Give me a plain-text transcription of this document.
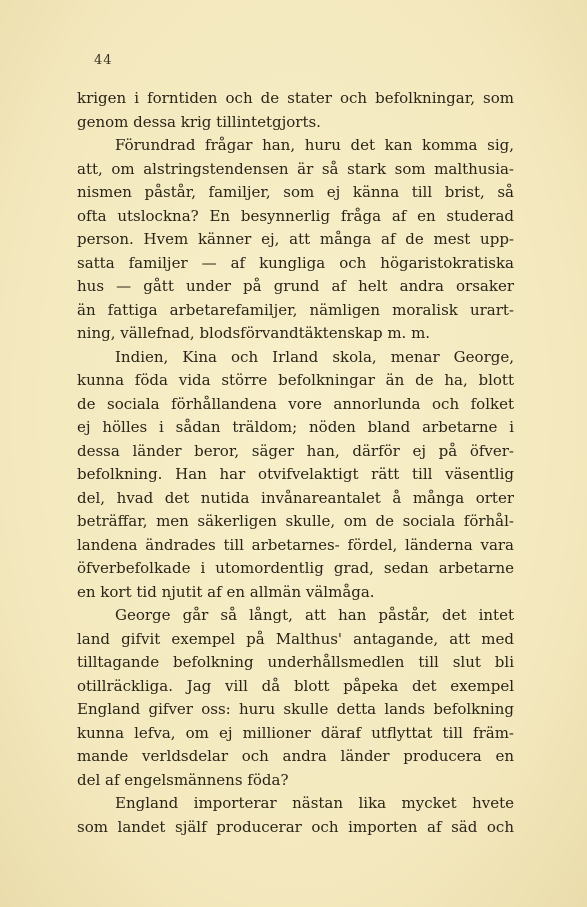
44
krigen i forntiden och de stater och befolkningar, som
genom dessa krig tillintetgjorts.
Förundrad frågar han, huru det kan komma sig,
att, om alstringstendensen är så stark som malthusia-
nismen påstår, familjer, som ej känna till brist, så
ofta utslockna? En besynnerlig fråga af en studerad
person. Hvem känner ej, att många af de mest upp-
satta familjer — af kungliga och högaristokratiska
hus — gått under på grund af helt andra orsaker
än fattiga arbetarefamiljer, nämligen moralisk urart-
ning, vällefnad, blodsförvandtäktenskap m. m.
Indien, Kina och Irland skola, menar George,
kunna föda vida större befolkningar än de ha, blott
de sociala förhållandena vore annorlunda och folket
ej hölles i sådan träldom; nöden bland arbetarne i
dessa länder beror, säger han, därför ej på öfver-
befolkning. Han har otvifvelaktigt rätt till väsentlig
del, hvad det nutida invånareantalet å många orter
beträffar, men säkerligen skulle, om de sociala förhål-
landena ändrades till arbetarnes- fördel, länderna vara
öfverbefolkade i utomordentlig grad, sedan arbetarne
en kort tid njutit af en allmän välmåga.
George går så långt, att han påstår, det intet
land gifvit exempel på Malthus' antagande, att med
tilltagande befolkning underhållsmedlen till slut bli
otillräckliga. Jag vill då blott påpeka det exempel
England gifver oss: huru skulle detta lands befolkning
kunna lefva, om ej millioner däraf utflyttat till främ-
mande verldsdelar och andra länder producera en
del af engelsmännens föda?
England importerar nästan lika mycket hvete
som landet själf producerar och importen af säd och
